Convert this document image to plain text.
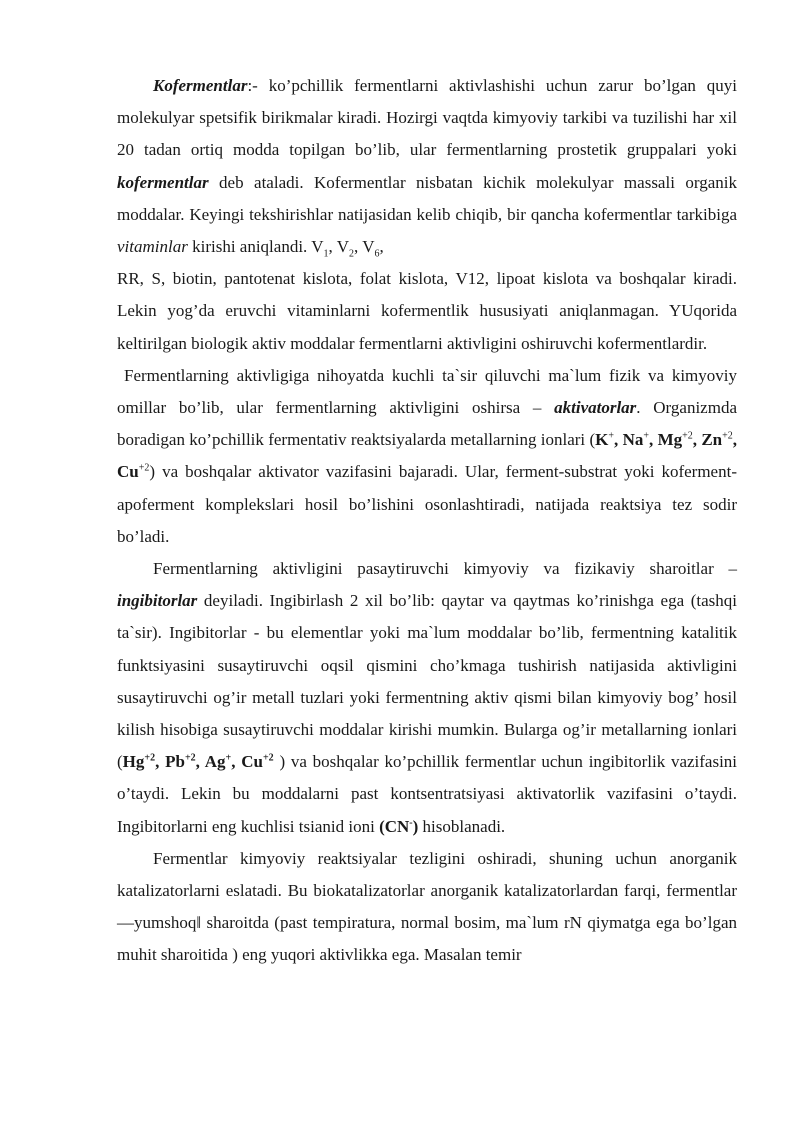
Kofermentlar:- ko’pchillik fermentlarni aktivlashishi uchun zarur bo’lgan quyi molekulyar spetsifik birikmalar kiradi. Hozirgi vaqtda kimyoviy tarkibi va tuzilishi har xil 20 tadan ortiq modda topilgan bo’lib, ular fermentlarning prostetik gruppalari yoki kofermentlar deb ataladi. Kofermentlar nisbatan kichik molekulyar massali organik moddalar. Keyingi tekshirishlar natijasidan kelib chiqib, bir qancha kofermentlar tarkibiga vitaminlar kirishi aniqlandi. $V_1$, $V_2$, $V_6$,

RR, S, biotin, pantotenat kislota, folat kislota, V12, lipoat kislota va boshqalar kiradi. Lekin yog’da eruvchi vitaminlarni kofermentlik hususiyati aniqlanmagan. YUqorida keltirilgan biologik aktiv moddalar fermentlarni aktivligini oshiruvchi kofermentlardir.

Fermentlarning aktivligiga nihoyatda kuchli ta`sir qiluvchi ma`lum fizik va kimyoviy omillar bo’lib, ular fermentlarning aktivligini oshirsa – aktivatorlar. Organizmda boradigan ko’pchillik fermentativ reaktsiyalarda metallarning ionlari (K+, Na+, $Mg^{+2}$, $Zn^{+2}$, $Cu^{+2}$) va boshqalar aktivator vazifasini bajaradi. Ular, ferment-substrat yoki koferment-apoferment komplekslari hosil bo’lishini osonlashtiradi, natijada reaktsiya tez sodir bo’ladi.

Fermentlarning aktivligini pasaytiruvchi kimyoviy va fizikaviy sharoitlar – ingibitorlar deyiladi. Ingibirlash 2 xil bo’lib: qaytar va qaytmas ko’rinishga ega (tashqi ta`sir). Ingibitorlar - bu elementlar yoki ma`lum moddalar bo’lib, fermentning katalitik funktsiyasini susaytiruvchi oqsil qismini cho’kmaga tushirish natijasida aktivligini susaytiruvchi og’ir metall tuzlari yoki fermentning aktiv qismi bilan kimyoviy bog’ hosil kilish hisobiga susaytiruvchi moddalar kirishi mumkin. Bularga og’ir metallarning ionlari ($Hg^{+2}$, $Pb^{+2}$, Ag+, $Cu^{+2}$ ) va boshqalar ko’pchillik fermentlar uchun ingibitorlik vazifasini o’taydi. Lekin bu moddalarni past kontsentratsiyasi aktivatorlik vazifasini o’taydi. Ingibitorlarni eng kuchlisi tsianid ioni (CN-) hisoblanadi.

Fermentlar kimyoviy reaktsiyalar tezligini oshiradi, shuning uchun anorganik katalizatorlarni eslatadi. Bu biokatalizatorlar anorganik katalizatorlardan farqi, fermentlar ―yumshoq‖ sharoitda (past tempiratura, normal bosim, ma`lum rN qiymatga ega bo’lgan muhit sharoitida ) eng yuqori aktivlikka ega. Masalan temir
